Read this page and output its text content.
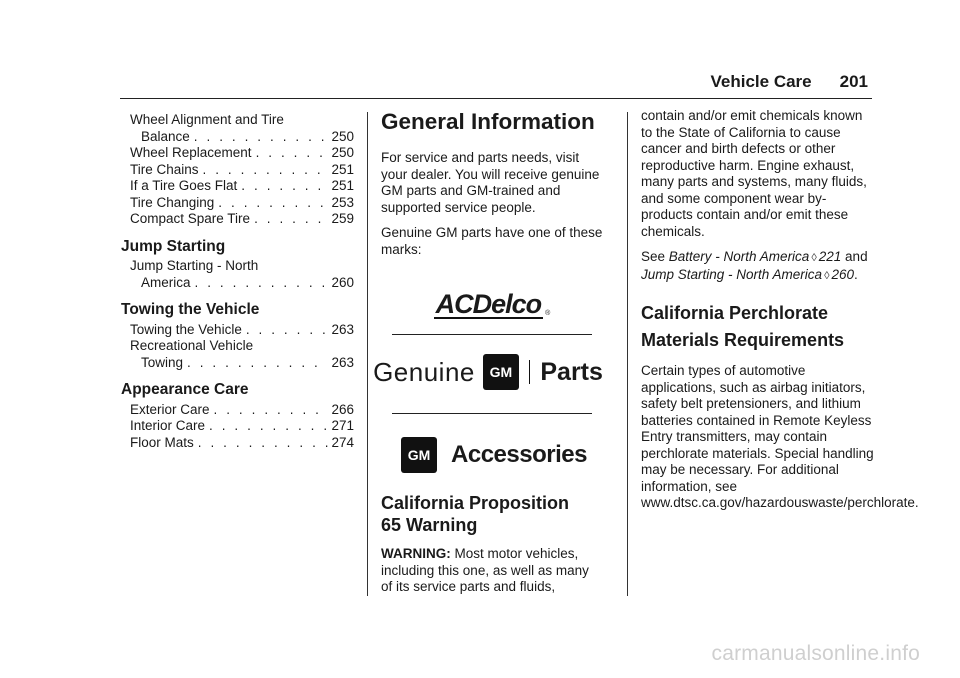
Vehicle Care 201
Wheel Alignment and Tire
Balance . . .	250
Wheel Replacement . . .	250
Tire Chains . . .	251
If a Tire Goes Flat . . .	251
Tire Changing . . .	253
Compact Spare Tire . . .	259
Jump Starting
Jump Starting - North
America . . .	260
Towing the Vehicle
Towing the Vehicle . . .	263
Recreational Vehicle
Towing . . .	263
Appearance Care
Exterior Care . . .	266
Interior Care . . .	271
Floor Mats . . .	274
General Information

For service and parts needs, visit your dealer. You will receive genuine GM parts and GM-trained and supported service people.

Genuine GM parts have one of these marks:

ACDelco ®
Genuine	GM Parts
GM Accessories
California Proposition
65 Warning

WARNING: Most motor vehicles, including this one, as well as many of its service parts and fluids,

contain and/or emit chemicals known to the State of California to cause cancer and birth defects or other reproductive harm. Engine exhaust, many parts and systems, many fluids, and some component wear by-products contain and/or emit these chemicals.

See Battery - North America ◊ 221 and Jump Starting - North America ◊ 260.

California Perchlorate
Materials Requirements

Certain types of automotive applications, such as airbag initiators, safety belt pretensioners, and lithium batteries contained in Remote Keyless Entry transmitters, may contain perchlorate materials. Special handling may be necessary. For additional information, see www.dtsc.ca.gov/hazardouswaste/perchlorate.

carmanualsonline.info
